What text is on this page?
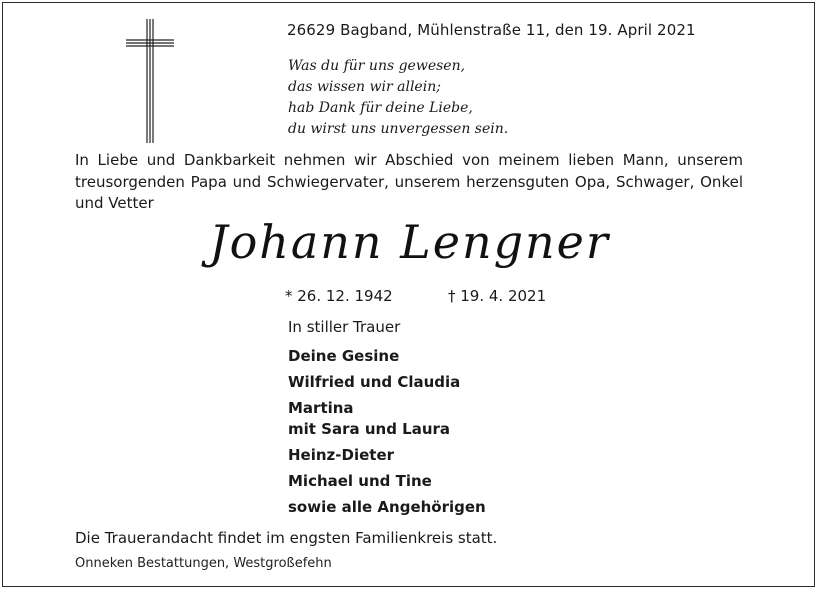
26629 Bagband, Mühlenstraße 11, den 19. April 2021
Was du für uns gewesen,
das wissen wir allein;
hab Dank für deine Liebe,
du wirst uns unvergessen sein.

In Liebe und Dankbarkeit nehmen wir Abschied von meinem lieben Mann, unserem treusorgenden Papa und Schwiegervater, unserem herzensguten Opa, Schwager, Onkel und Vetter

Johann Lengner
* 26. 12. 1942	† 19. 4. 2021
In stiller Trauer
Deine Gesine
Wilfried und Claudia
Martina
mit Sara und Laura
Heinz-Dieter
Michael und Tine
sowie alle Angehörigen
Die Trauerandacht findet im engsten Familienkreis statt.
Onneken Bestattungen, Westgroßefehn
